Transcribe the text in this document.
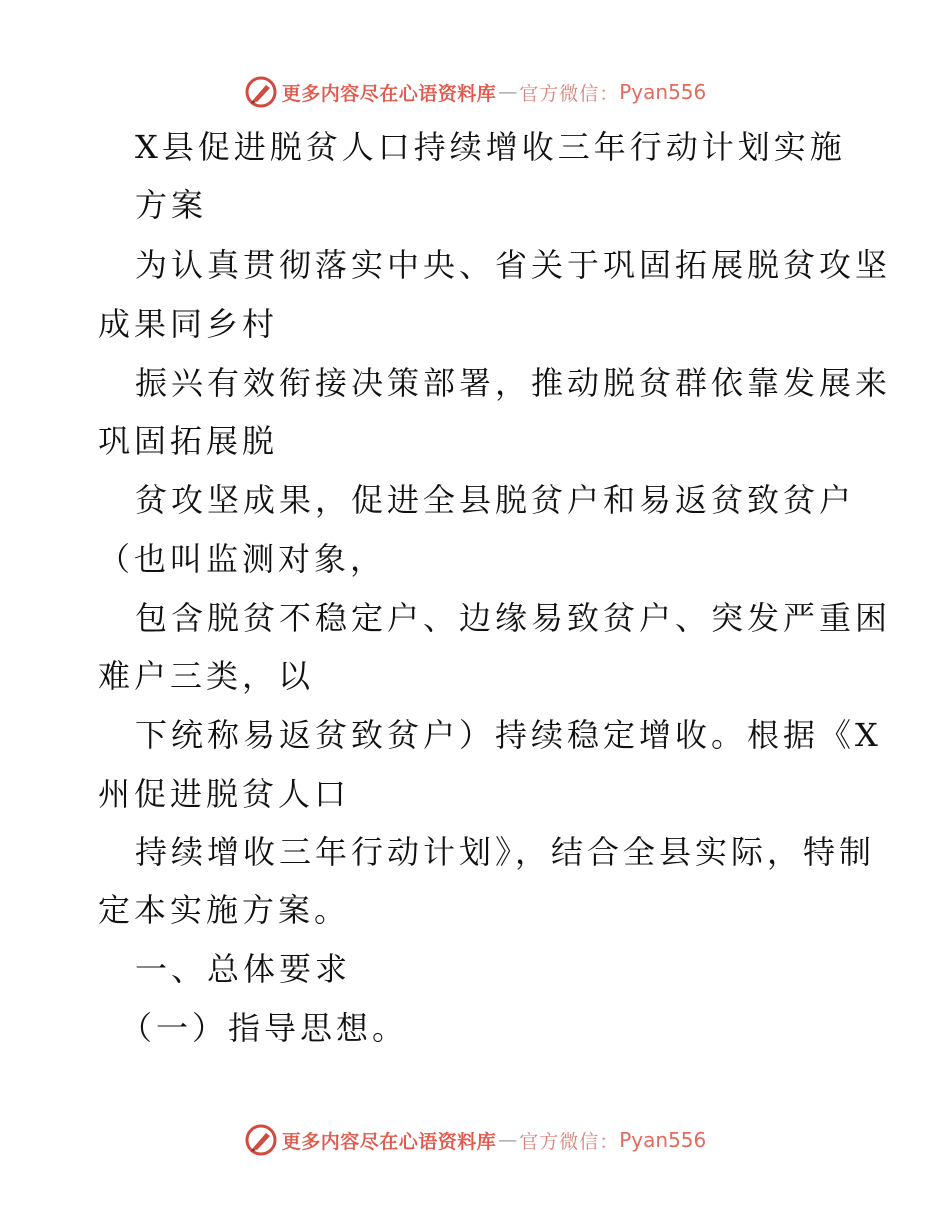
更多内容尽在心语资料库 — 官方微信： Pyan556

X县促进脱贫人口持续增收三年行动计划实施

方案

为认真贯彻落实中央、省关于巩固拓展脱贫攻坚

成果同乡村

振兴有效衔接决策部署，推动脱贫群依靠发展来

巩固拓展脱

贫攻坚成果，促进全县脱贫户和易返贫致贫户

（也叫监测对象，

包含脱贫不稳定户、边缘易致贫户、突发严重困

难户三类，以

下统称易返贫致贫户）持续稳定增收。根据《X

州促进脱贫人口

持续增收三年行动计划》，结合全县实际，特制

定本实施方案。

一、总体要求

（一）指导思想。

更多内容尽在心语资料库 — 官方微信： Pyan556
